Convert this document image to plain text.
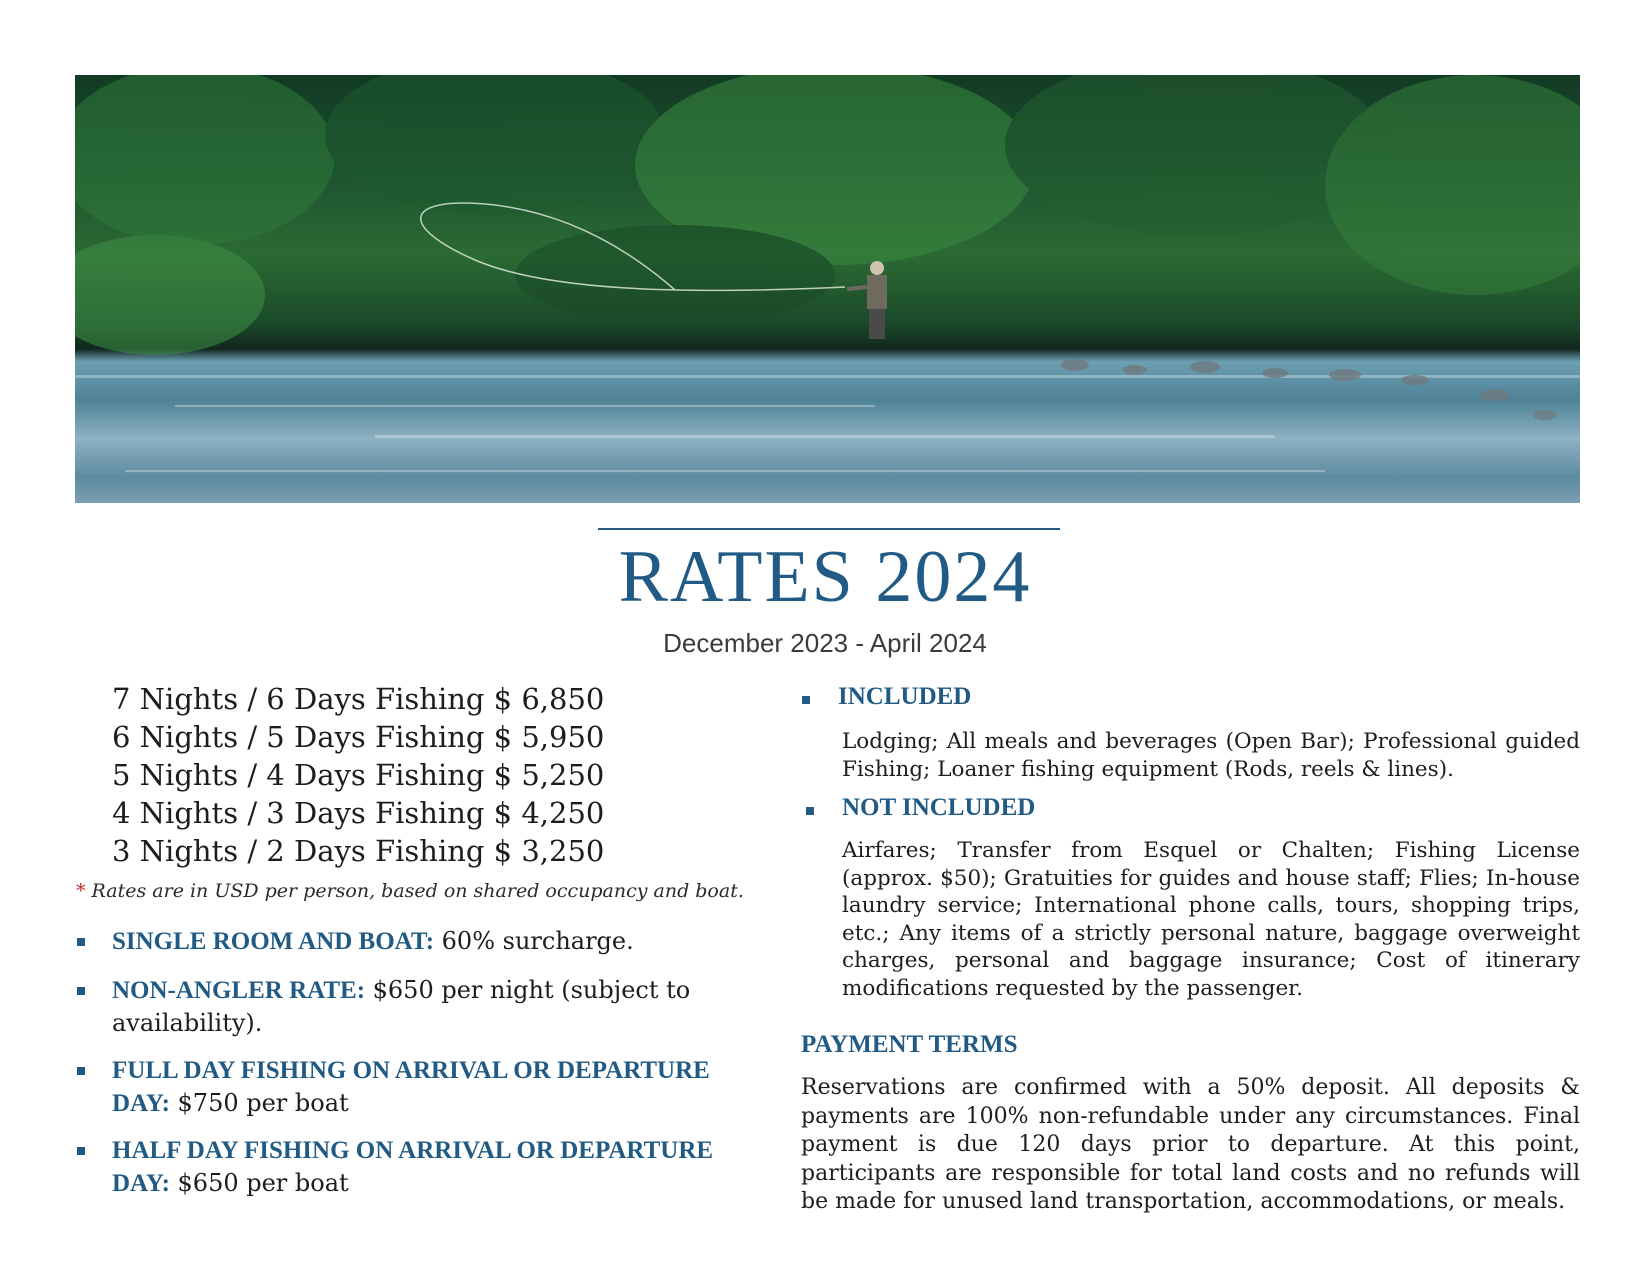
RATES 2024
December 2023 - April 2024
7 Nights / 6 Days Fishing $ 6,850
6 Nights / 5 Days Fishing $ 5,950
5 Nights / 4 Days Fishing $ 5,250
4 Nights / 3 Days Fishing $ 4,250
3 Nights / 2 Days Fishing $ 3,250
* Rates are in USD per person, based on shared occupancy and boat.
SINGLE ROOM AND BOAT: 60% surcharge.
NON-ANGLER RATE: $650 per night (subject to availability).
FULL DAY FISHING ON ARRIVAL OR DEPARTURE DAY: $750 per boat
HALF DAY FISHING ON ARRIVAL OR DEPARTURE DAY: $650 per boat
INCLUDED
Lodging; All meals and beverages (Open Bar); Professional guided Fishing; Loaner fishing equipment (Rods, reels & lines).
NOT INCLUDED
Airfares; Transfer from Esquel or Chalten; Fishing License (approx. $50); Gratuities for guides and house staff; Flies; In-house laundry service; International phone calls, tours, shopping trips, etc.; Any items of a strictly personal nature, baggage overweight charges, personal and baggage insurance; Cost of itinerary modifications requested by the passenger.
PAYMENT TERMS
Reservations are confirmed with a 50% deposit. All deposits & payments are 100% non-refundable under any circumstances. Final payment is due 120 days prior to departure. At this point, participants are responsible for total land costs and no refunds will be made for unused land transportation, accommodations, or meals.
